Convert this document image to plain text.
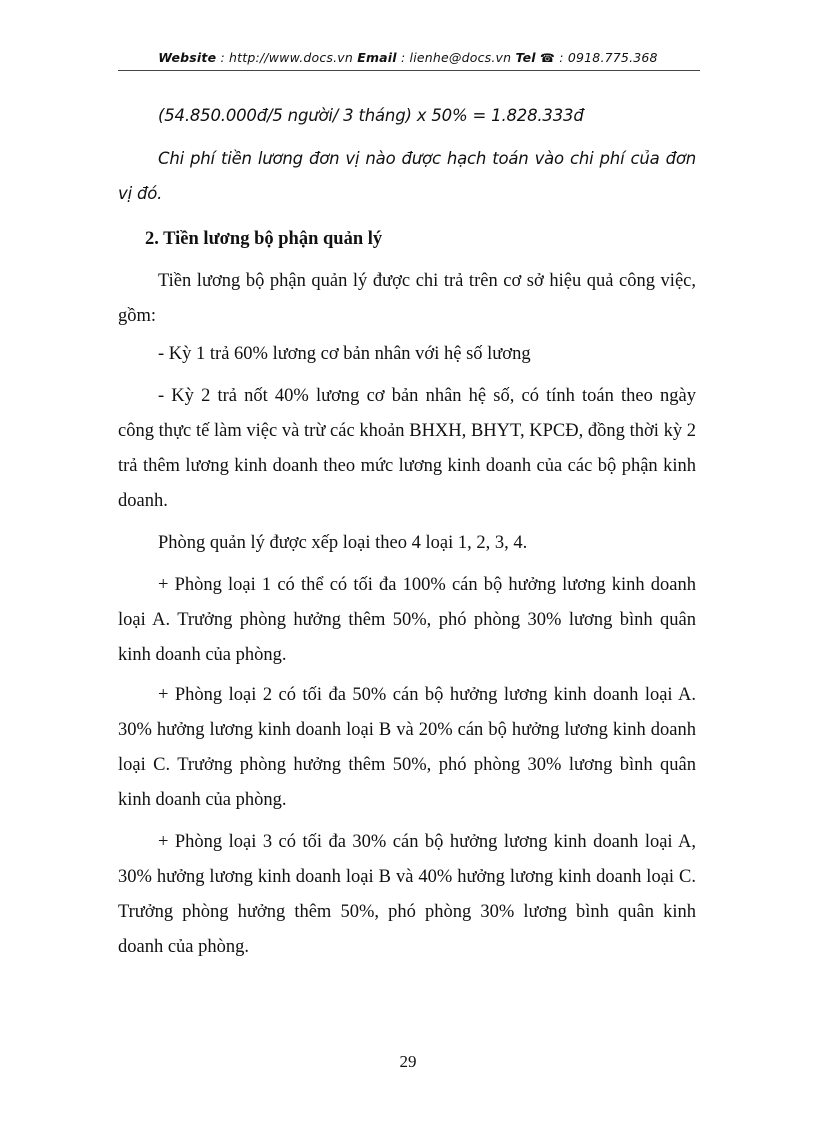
Website : http://www.docs.vn Email : lienhe@docs.vn Tel ☎ : 0918.775.368

(54.850.000đ/5 người/ 3 tháng) x 50% = 1.828.333đ

Chi phí tiền lương đơn vị nào được hạch toán vào chi phí của đơn vị đó.

2. Tiền lương bộ phận quản lý

Tiền lương bộ phận quản lý được chi trả trên cơ sở hiệu quả công việc, gồm:

- Kỳ 1 trả 60% lương cơ bản nhân với hệ số lương

- Kỳ 2 trả nốt 40% lương cơ bản nhân hệ số, có tính toán theo ngày công thực tế làm việc và trừ các khoản BHXH, BHYT, KPCĐ, đồng thời kỳ 2 trả thêm lương kinh doanh theo mức lương kinh doanh của các bộ phận kinh doanh.

Phòng quản lý được xếp loại theo 4 loại 1, 2, 3, 4.

+ Phòng loại 1 có thể có tối đa 100% cán bộ hưởng lương kinh doanh loại A. Trưởng phòng hưởng thêm 50%, phó phòng 30% lương bình quân kinh doanh của phòng.

+ Phòng loại 2 có tối đa 50% cán bộ hưởng lương kinh doanh loại A. 30% hưởng lương kinh doanh loại B và 20% cán bộ hưởng lương kinh doanh loại C. Trưởng phòng hưởng thêm 50%, phó phòng 30% lương bình quân kinh doanh của phòng.

+ Phòng loại 3 có tối đa 30% cán bộ hưởng lương kinh doanh loại A, 30% hưởng lương kinh doanh loại B và 40% hưởng lương kinh doanh loại C. Trưởng phòng hưởng thêm 50%, phó phòng 30% lương bình quân kinh doanh của phòng.

29
